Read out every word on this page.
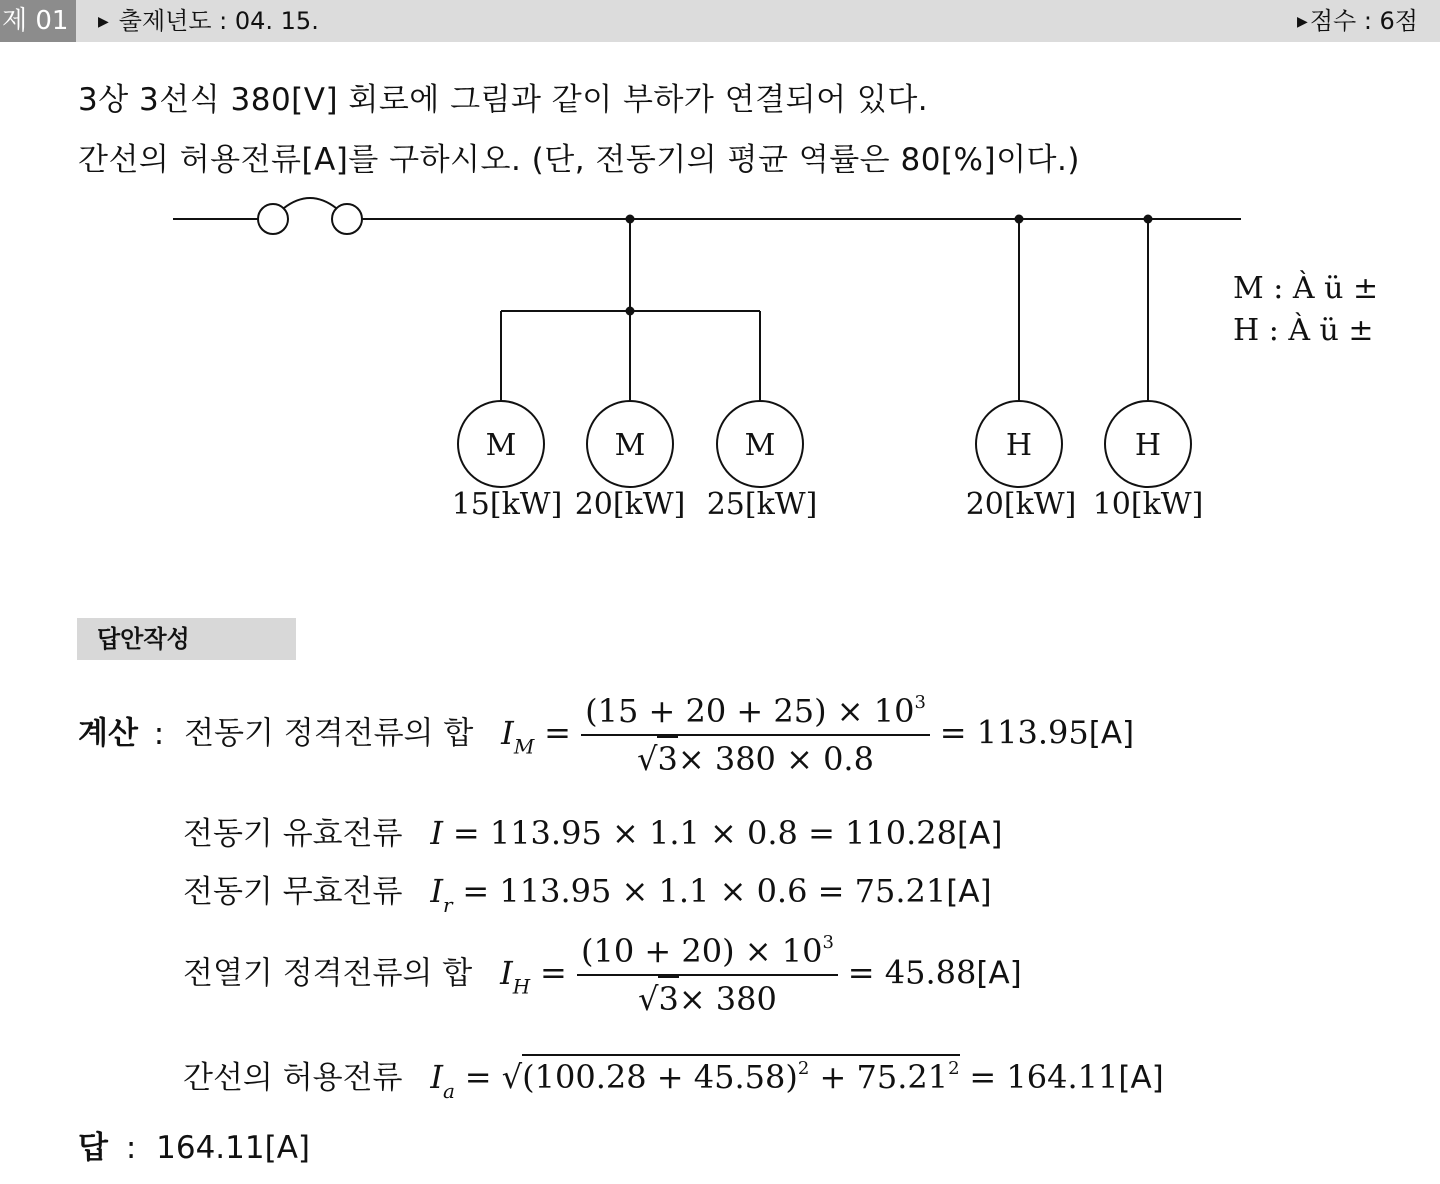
제 01	▶ 출제년도 : 04. 15.	▶점수 : 6점
3상 3선식 380[V] 회로에 그림과 같이 부하가 연결되어 있다.
간선의 허용전류[A]를 구하시오. (단, 전동기의 평균 역률은 80[%]이다.)
M	M	M	H	H
15[kW] 20[kW] 25[kW]	20[kW] 10[kW]
M : À ü ±
H : À ü ±
답안작성
계산 : 전동기 정격전류의 합 $I_M = \frac{(15 + 20 + 25) \times 10^3}{√3\times 380 \times 0.8} = 113.95[A]$
전동기 유효전류 I = 113.95 × 1.1 × 0.8 = 110.28[A]
전동기 무효전류 $I_r = 113.95 \times 1.1 \times 0.6 = 75.21[A]$
전열기 정격전류의 합 $I_H = \frac{(10 + 20) \times 10^3}{√3\times 380} = 45.88[A]$
간선의 허용전류 $I_a = √(100.28 + 45.58)^2 + 75.21^2 = 164.11[A]$
답 : 164.11[A]
